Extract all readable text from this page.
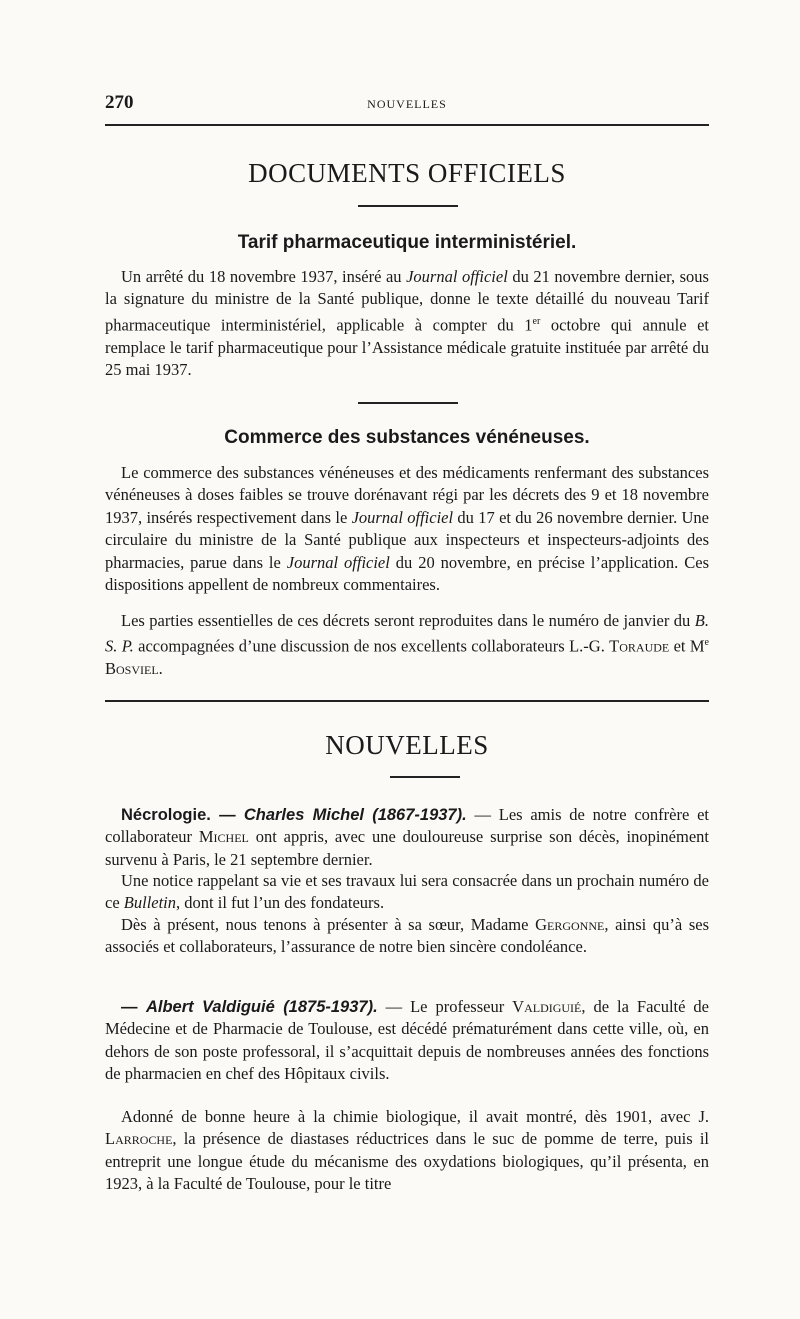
270	NOUVELLES
DOCUMENTS OFFICIELS
Tarif pharmaceutique interministériel.

Un arrêté du 18 novembre 1937, inséré au Journal officiel du 21 novembre dernier, sous la signature du ministre de la Santé publique, donne le texte détaillé du nouveau Tarif pharmaceutique interministériel, applicable à compter du 1er octobre qui annule et remplace le tarif pharmaceutique pour l’Assistance médicale gratuite instituée par arrêté du 25 mai 1937.

Commerce des substances vénéneuses.

Le commerce des substances vénéneuses et des médicaments renfermant des substances vénéneuses à doses faibles se trouve dorénavant régi par les décrets des 9 et 18 novembre 1937, insérés respectivement dans le Journal officiel du 17 et du 26 novembre dernier. Une circulaire du ministre de la Santé publique aux inspecteurs et inspecteurs-adjoints des pharmacies, parue dans le Journal officiel du 20 novembre, en précise l’application. Ces dispositions appellent de nombreux commentaires.

Les parties essentielles de ces décrets seront reproduites dans le numéro de janvier du B. S. P. accompagnées d’une discussion de nos excellents collaborateurs L.-G. Toraude et Me Bosviel.

NOUVELLES

Nécrologie. — Charles Michel (1867-1937). — Les amis de notre confrère et collaborateur Michel ont appris, avec une douloureuse surprise son décès, inopinément survenu à Paris, le 21 septembre dernier.

Une notice rappelant sa vie et ses travaux lui sera consacrée dans un prochain numéro de ce Bulletin, dont il fut l’un des fondateurs.

Dès à présent, nous tenons à présenter à sa sœur, Madame Gergonne, ainsi qu’à ses associés et collaborateurs, l’assurance de notre bien sincère condoléance.

— Albert Valdiguié (1875-1937). — Le professeur Valdiguié, de la Faculté de Médecine et de Pharmacie de Toulouse, est décédé prématurément dans cette ville, où, en dehors de son poste professoral, il s’acquittait depuis de nombreuses années des fonctions de pharmacien en chef des Hôpitaux civils.

Adonné de bonne heure à la chimie biologique, il avait montré, dès 1901, avec J. Larroche, la présence de diastases réductrices dans le suc de pomme de terre, puis il entreprit une longue étude du mécanisme des oxydations biologiques, qu’il présenta, en 1923, à la Faculté de Toulouse, pour le titre
